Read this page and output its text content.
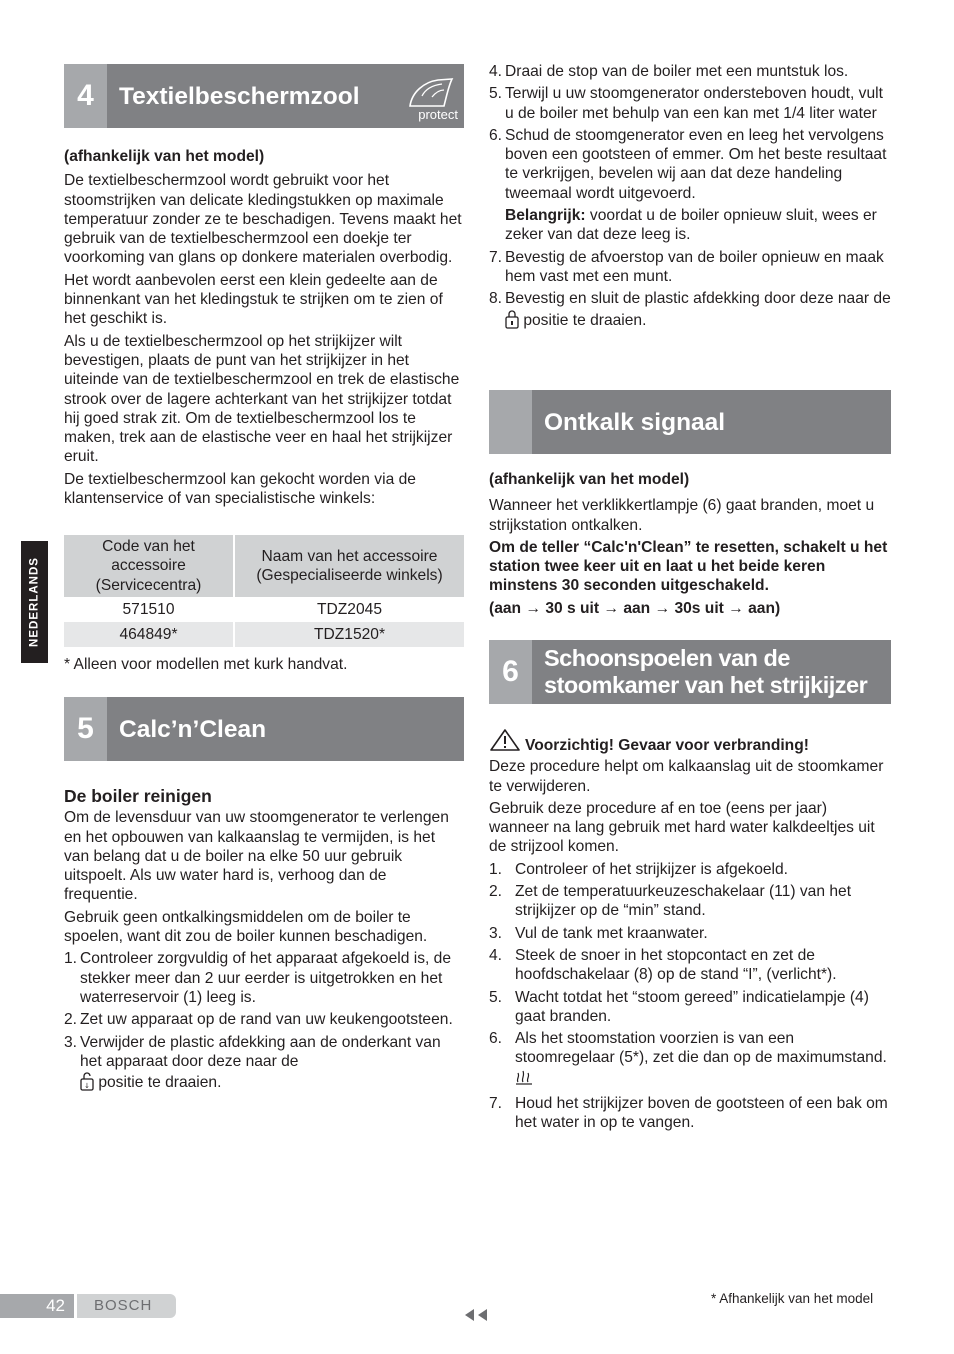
NEDERLANDS
4	Textielbeschermzool
protect

(afhankelijk van het model)

De textielbeschermzool wordt gebruikt voor het stoomstrijken van delicate kledingstukken op maximale temperatuur zonder ze te beschadigen. Tevens maakt het gebruik van de textielbeschermzool een doekje ter voorkoming van glans op donkere materialen overbodig.

Het wordt aanbevolen eerst een klein gedeelte aan de binnenkant van het kledingstuk te strijken om te zien of het geschikt is.

Als u de textielbeschermzool op het strijkijzer wilt bevestigen, plaats de punt van het strijkijzer in het uiteinde van de textielbeschermzool en trek de elastische strook over de lagere achterkant van het strijkijzer totdat hij goed strak zit. Om de textielbeschermzool los te maken, trek aan de elastische veer en haal het strijkijzer eruit.

De textielbeschermzool kan gekocht worden via de klantenservice of van specialistische winkels:

Code van het accessoire (Servicecentra)	Naam van het accessoire (Gespecialiseerde winkels)
571510	TDZ2045
464849*	TDZ1520*

* Alleen voor modellen met kurk handvat.

5	Calc’n’Clean

De boiler reinigen

Om de levensduur van uw stoomgenerator te verlengen en het opbouwen van kalkaanslag te vermijden, is het van belang dat u de boiler na elke 50 uur gebruik uitspoelt. Als uw water hard is, verhoog dan de frequentie.

Gebruik geen ontkalkingsmiddelen om de boiler te spoelen, want dit zou de boiler kunnen beschadigen.

1. Controleer zorgvuldig of het apparaat afgekoeld is, de stekker meer dan 2 uur eerder is uitgetrokken en het waterreservoir (1) leeg is.
2. Zet uw apparaat op de rand van uw keukengootsteen.
3. Verwijder de plastic afdekking aan de onderkant van het apparaat door deze naar de

↓ positie te draaien.
4. Draai de stop van de boiler met een muntstuk los.
5. Terwijl u uw stoomgenerator ondersteboven houdt, vult u de boiler met behulp van een kan met 1/4 liter water
6. Schud de stoomgenerator even en leeg het vervolgens boven een gootsteen of emmer. Om het beste resultaat te verkrijgen, bevelen wij aan dat deze handeling tweemaal wordt uitgevoerd.
Belangrijk: voordat u de boiler opnieuw sluit, wees er zeker van dat deze leeg is.
7. Bevestig de afvoerstop van de boiler opnieuw en maak hem vast met een munt.
8. Bevestig en sluit de plastic afdekking door deze naar de
positie te draaien.
Ontkalk signaal

(afhankelijk van het model)

Wanneer het verklikkertlampje (6) gaat branden, moet u strijkstation ontkalken.

Om de teller “Calc'n'Clean” te resetten, schakelt u het station twee keer uit en laat u het beide keren minstens 30 seconden uitgeschakeld.

(aan → 30 s uit → aan → 30s uit → aan)

6	Schoonspoelen van de
stoomkamer van het strijkijzer

Voorzichtig! Gevaar voor verbranding!

Deze procedure helpt om kalkaanslag uit de stoomkamer te verwijderen.

Gebruik deze procedure af en toe (eens per jaar) wanneer na lang gebruik met hard water kalkdeeltjes uit de strijzool komen.

1. Controleer of het strijkijzer is afgekoeld.
2. Zet de temperatuurkeuzeschakelaar (11) van het strijkijzer op de “min” stand.
3. Vul de tank met kraanwater.
4. Steek de snoer in het stopcontact en zet de hoofdschakelaar (8) op de stand “I”, (verlicht*).
5. Wacht totdat het “stoom gereed” indicatielampje (4) gaat branden.
6. Als het stoomstation voorzien is van een stoomregelaar (5*), zet die dan op de maximumstand.
7. Houd het strijkijzer boven de gootsteen of een bak om het water in op te vangen.
42	BOSCH	* Afhankelijk van het model
